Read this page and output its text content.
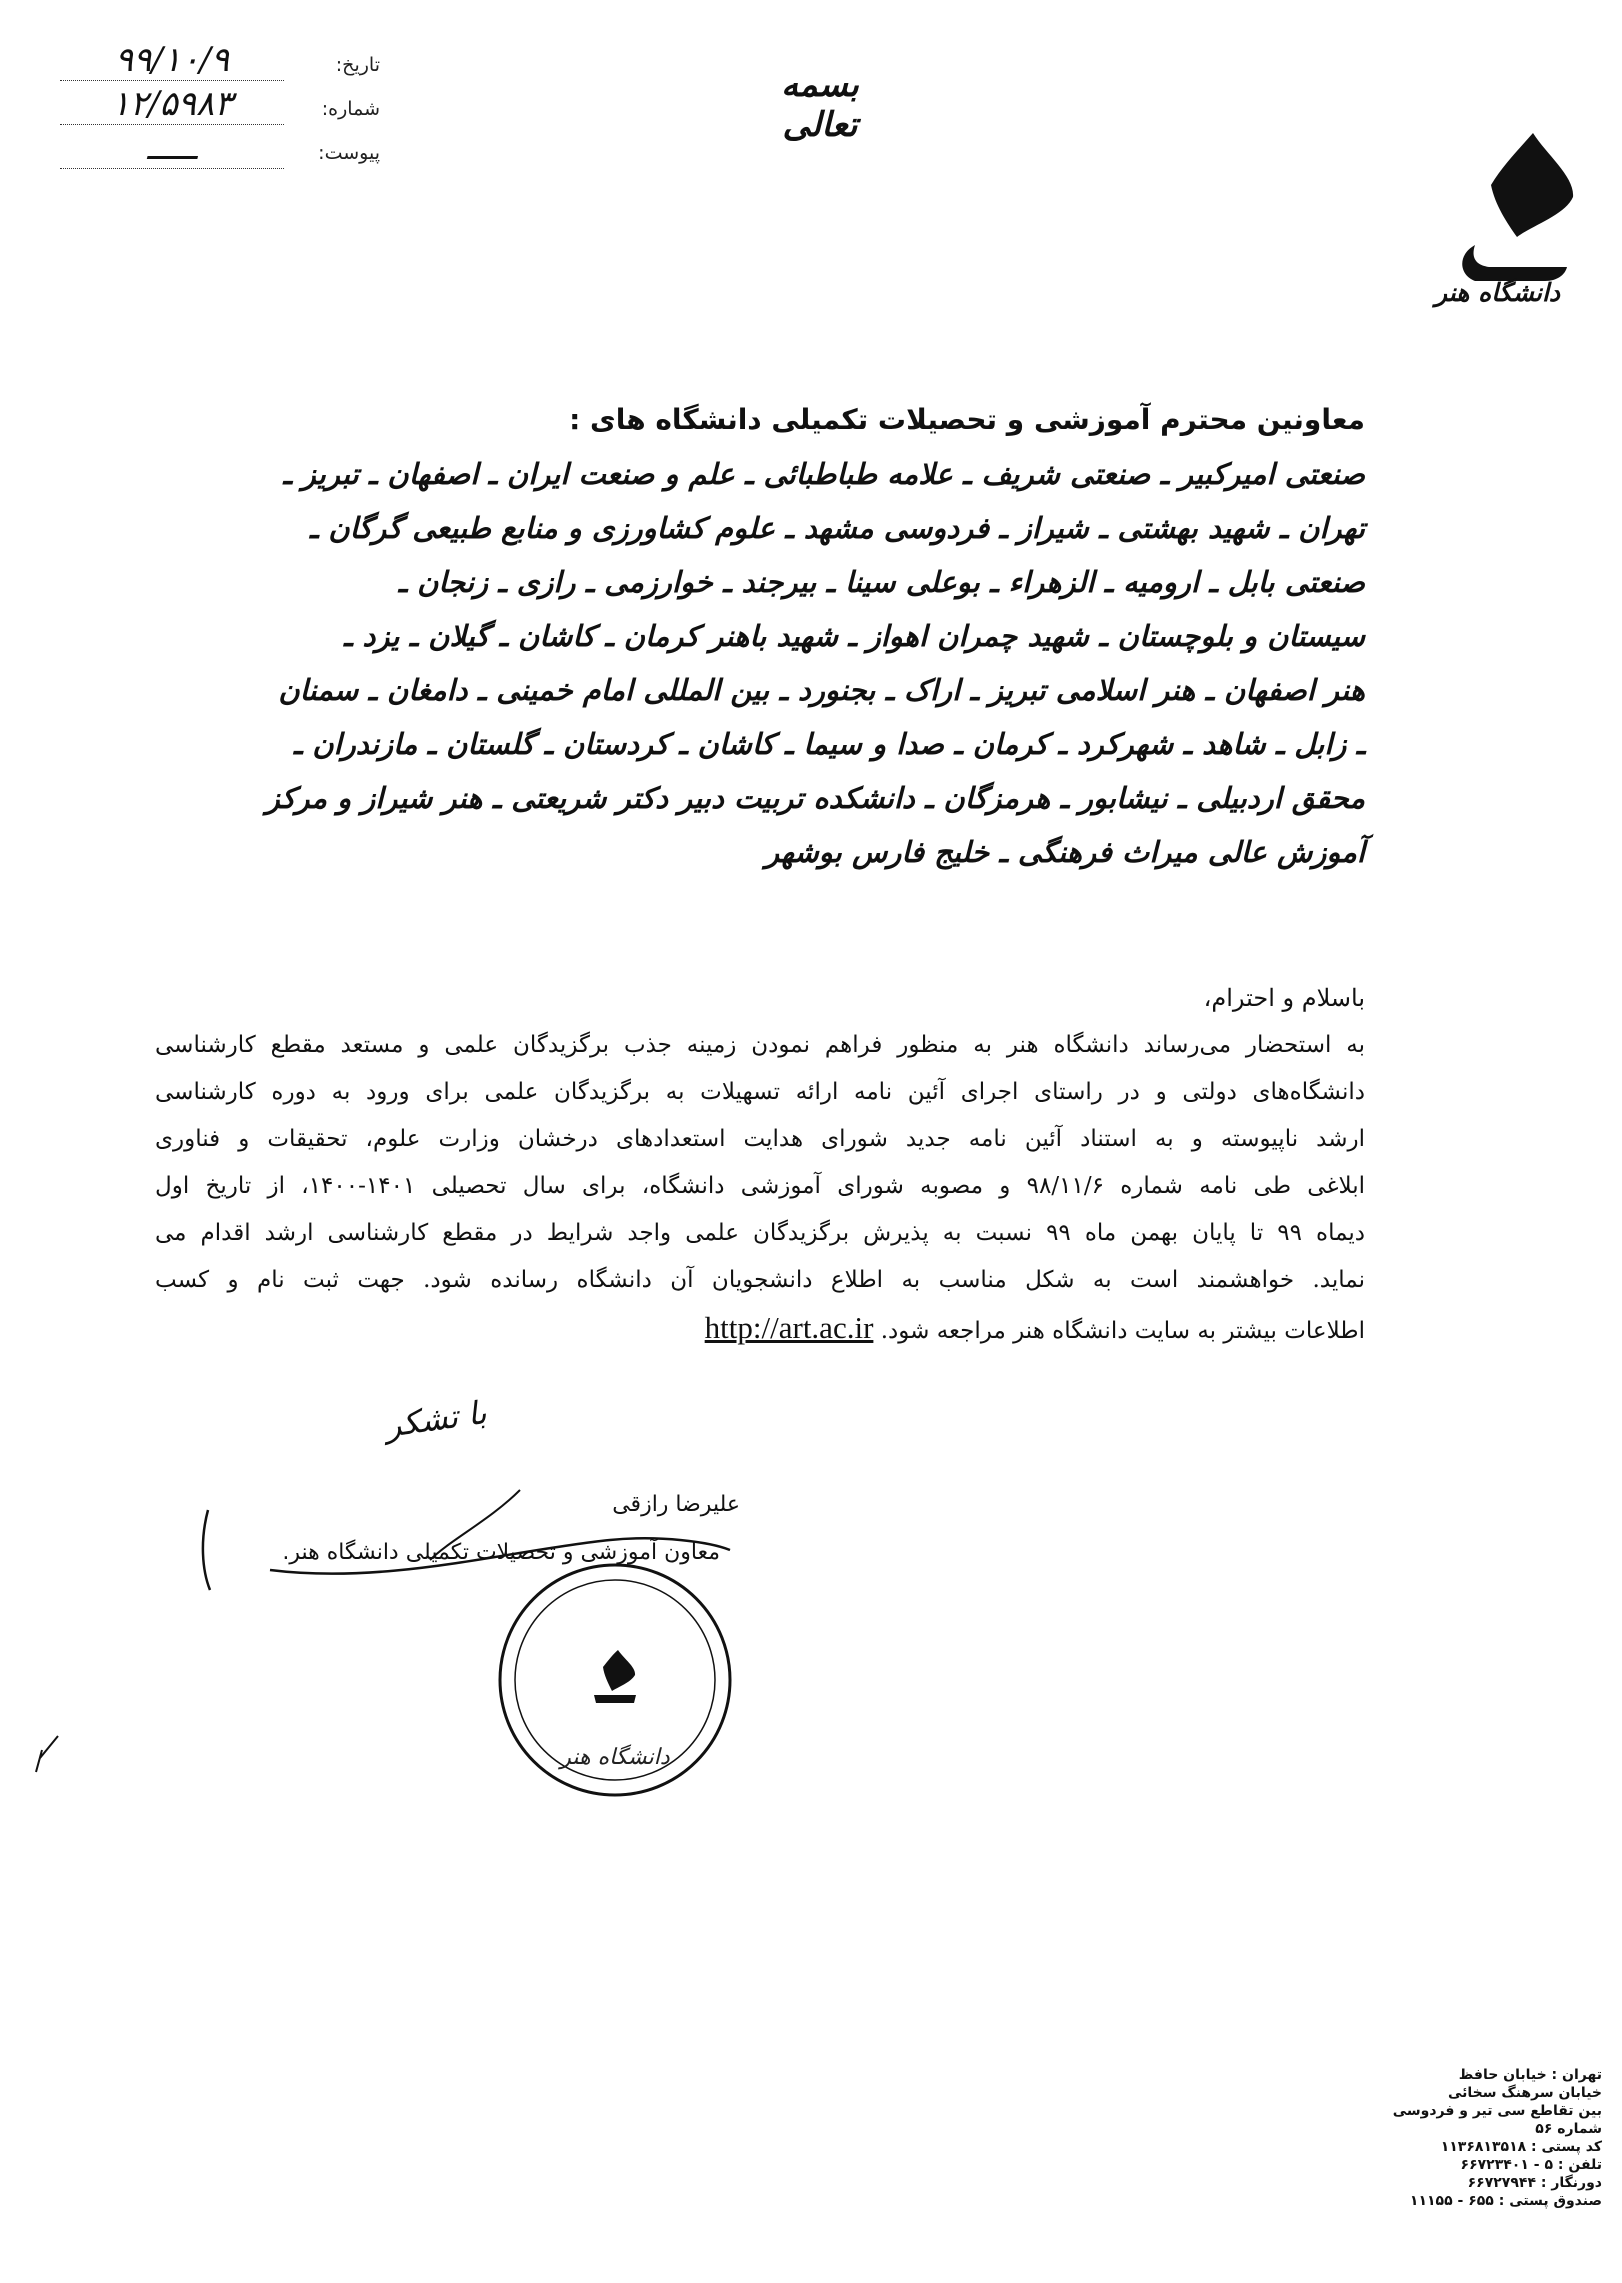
تاریخ:
۹۹/۱۰/۹
شماره:
۱۲/۵۹۸۳
پیوست:
ـــــ
بسمه تعالی
دانشگاه هنر
معاونین محترم آموزشی و تحصیلات تکمیلی دانشگاه های :
صنعتی امیرکبیر ـ صنعتی شریف ـ علامه طباطبائی ـ علم و صنعت ایران ـ اصفهان ـ تبریز ـ
تهران ـ شهید بهشتی ـ شیراز ـ فردوسی مشهد ـ علوم کشاورزی و منابع طبیعی گرگان ـ
صنعتی بابل ـ ارومیه ـ الزهراء ـ بوعلی سینا ـ بیرجند ـ خوارزمی ـ رازی ـ زنجان ـ
سیستان و بلوچستان ـ شهید چمران اهواز ـ شهید باهنر کرمان ـ کاشان ـ گیلان ـ یزد ـ
هنر اصفهان ـ هنر اسلامی تبریز ـ اراک ـ بجنورد ـ بین المللی امام خمینی ـ دامغان ـ سمنان
ـ زابل ـ شاهد ـ شهرکرد ـ کرمان ـ صدا و سیما ـ کاشان ـ کردستان ـ گلستان ـ مازندران ـ
محقق اردبیلی ـ نیشابور ـ هرمزگان ـ دانشکده تربیت دبیر دکتر شریعتی ـ هنر شیراز و مرکز
آموزش عالی میراث فرهنگی ـ خلیج فارس بوشهر
باسلام و احترام،
به استحضار می‌رساند دانشگاه هنر به منظور فراهم نمودن زمینه جذب برگزیدگان علمی و مستعد مقطع کارشناسی
دانشگاه‌های دولتی و در راستای اجرای آئین نامه ارائه تسهیلات به برگزیدگان علمی برای ورود به دوره کارشناسی
ارشد ناپیوسته و به استناد آئین نامه جدید شورای هدایت استعدادهای درخشان وزارت علوم، تحقیقات و فناوری
ابلاغی طی نامه شماره ۹۸/۱۱/۶ و مصوبه شورای آموزشی دانشگاه، برای سال تحصیلی ۱۴۰۱-۱۴۰۰، از تاریخ اول
دیماه ۹۹ تا پایان بهمن ماه ۹۹ نسبت به پذیرش برگزیدگان علمی واجد شرایط در مقطع کارشناسی ارشد اقدام می
نماید. خواهشمند است به شکل مناسب به اطلاع دانشجویان آن دانشگاه رسانده شود. جهت ثبت نام و کسب
اطلاعات بیشتر به سایت دانشگاه هنر مراجعه شود. http://art.ac.ir
با تشکر
علیرضا رازقی
معاون آموزشی و تحصیلات تکمیلی دانشگاه هنر.
دانشگاه هنر
تهران : خیابان حافظ
خیابان سرهنگ سخائی
بین تقاطع سی تیر و فردوسی
شماره ۵۶
کد پستی : ۱۱۳۶۸۱۳۵۱۸
تلفن : ۵ - ۶۶۷۲۳۴۰۱
دورنگار : ۶۶۷۲۷۹۴۴
صندوق پستی : ۶۵۵ - ۱۱۱۵۵
